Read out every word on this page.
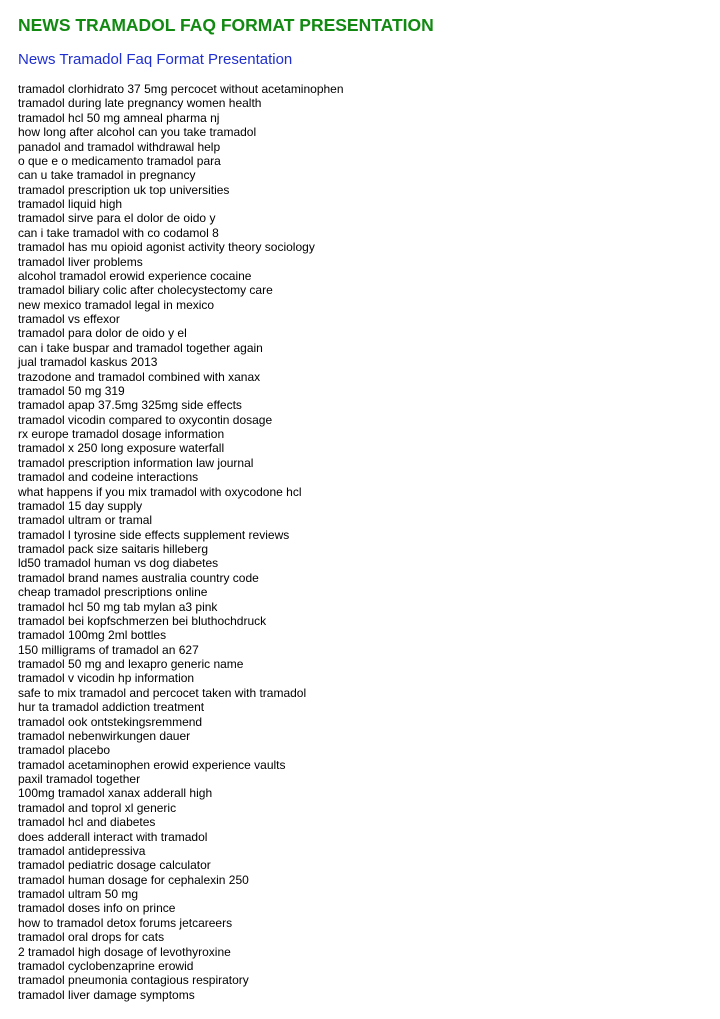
NEWS TRAMADOL FAQ FORMAT PRESENTATION
News Tramadol Faq Format Presentation
tramadol clorhidrato 37 5mg percocet without acetaminophen
tramadol during late pregnancy women health
tramadol hcl 50 mg amneal pharma nj
how long after alcohol can you take tramadol
panadol and tramadol withdrawal help
o que e o medicamento tramadol para
can u take tramadol in pregnancy
tramadol prescription uk top universities
tramadol liquid high
tramadol sirve para el dolor de oido y
can i take tramadol with co codamol 8
tramadol has mu opioid agonist activity theory sociology
tramadol liver problems
alcohol tramadol erowid experience cocaine
tramadol biliary colic after cholecystectomy care
new mexico tramadol legal in mexico
tramadol vs effexor
tramadol para dolor de oido y el
can i take buspar and tramadol together again
jual tramadol kaskus 2013
trazodone and tramadol combined with xanax
tramadol 50 mg 319
tramadol apap 37.5mg 325mg side effects
tramadol vicodin compared to oxycontin dosage
rx europe tramadol dosage information
tramadol x 250 long exposure waterfall
tramadol prescription information law journal
tramadol and codeine interactions
what happens if you mix tramadol with oxycodone hcl
tramadol 15 day supply
tramadol ultram or tramal
tramadol l tyrosine side effects supplement reviews
tramadol pack size saitaris hilleberg
ld50 tramadol human vs dog diabetes
tramadol brand names australia country code
cheap tramadol prescriptions online
tramadol hcl 50 mg tab mylan a3 pink
tramadol bei kopfschmerzen bei bluthochdruck
tramadol 100mg 2ml bottles
150 milligrams of tramadol an 627
tramadol 50 mg and lexapro generic name
tramadol v vicodin hp information
safe to mix tramadol and percocet taken with tramadol
hur ta tramadol addiction treatment
tramadol ook ontstekingsremmend
tramadol nebenwirkungen dauer
tramadol placebo
tramadol acetaminophen erowid experience vaults
paxil tramadol together
100mg tramadol xanax adderall high
tramadol and toprol xl generic
tramadol hcl and diabetes
does adderall interact with tramadol
tramadol antidepressiva
tramadol pediatric dosage calculator
tramadol human dosage for cephalexin 250
tramadol ultram 50 mg
tramadol doses info on prince
how to tramadol detox forums jetcareers
tramadol oral drops for cats
2 tramadol high dosage of levothyroxine
tramadol cyclobenzaprine erowid
tramadol pneumonia contagious respiratory
tramadol liver damage symptoms
